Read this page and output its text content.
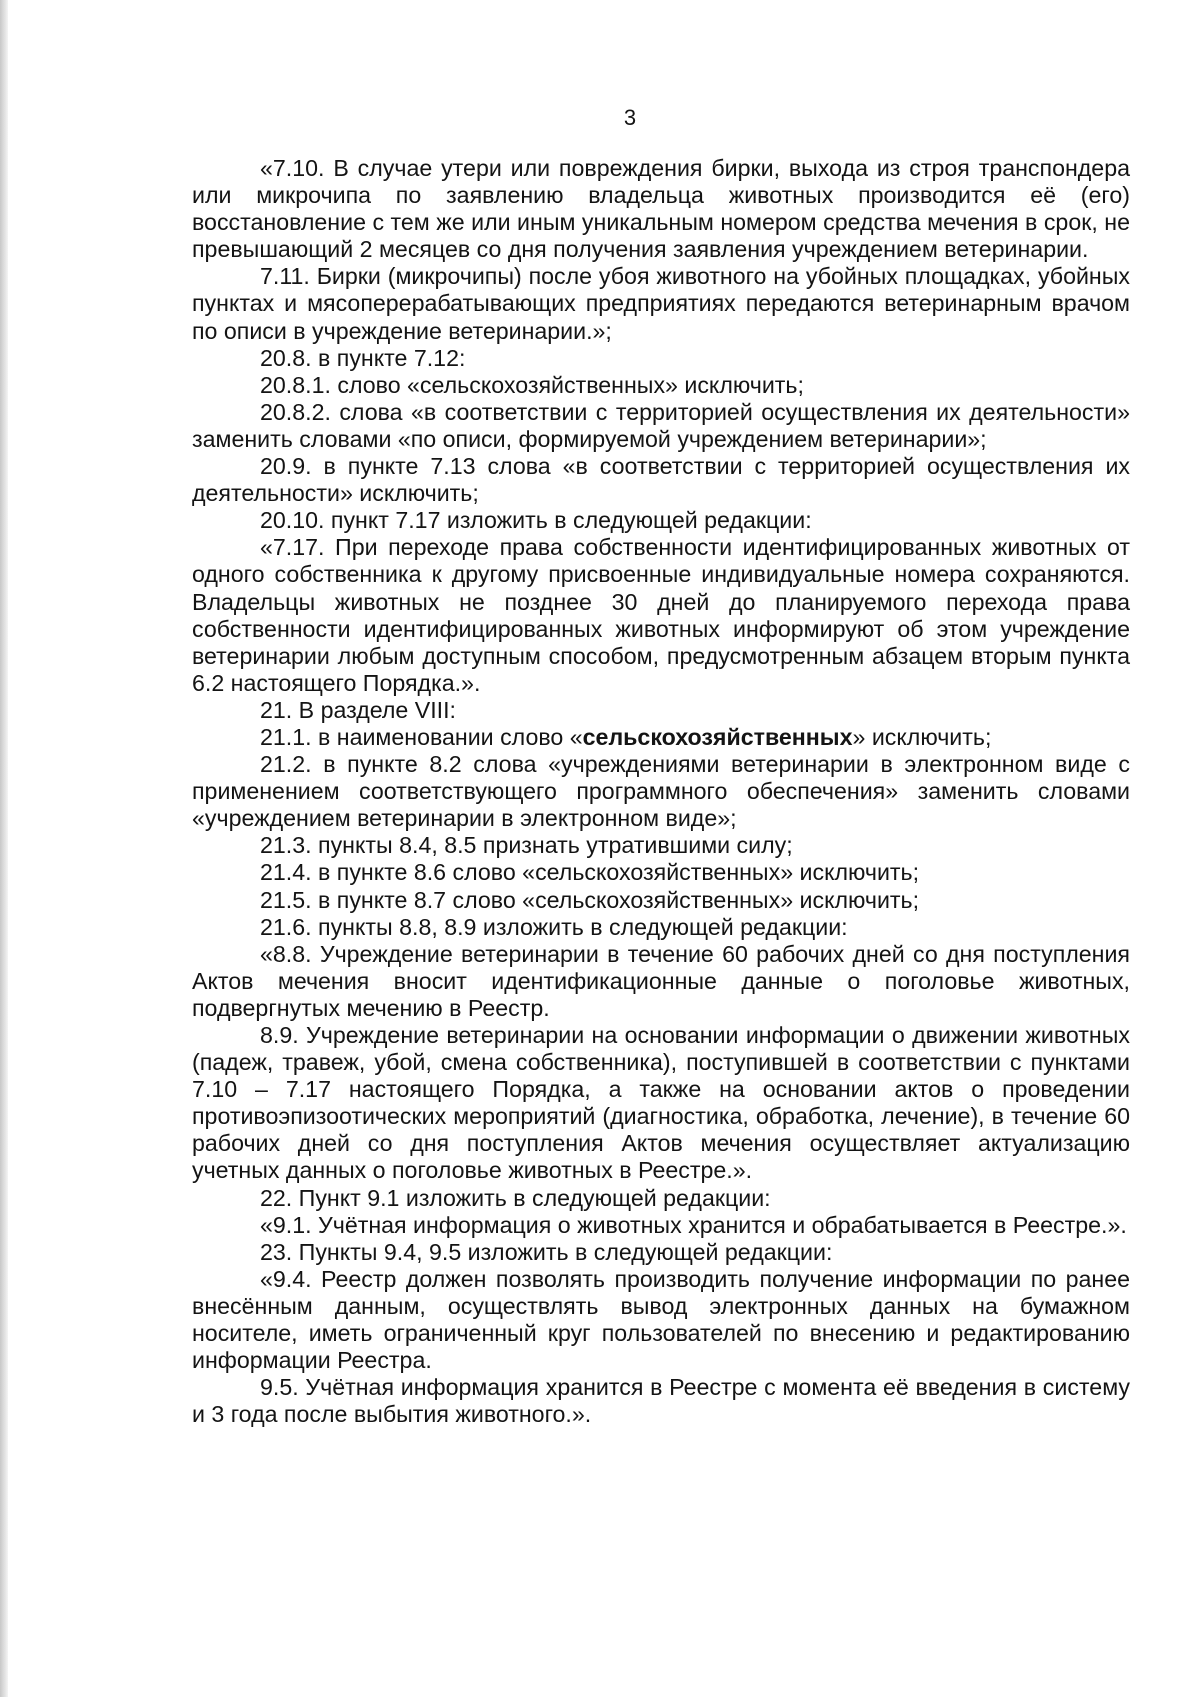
3

«7.10. В случае утери или повреждения бирки, выхода из строя транспондера или микрочипа по заявлению владельца животных производится её (его) восстановление с тем же или иным уникальным номером средства мечения в срок, не превышающий 2 месяцев со дня получения заявления учреждением ветеринарии.

7.11. Бирки (микрочипы) после убоя животного на убойных площадках, убойных пунктах и мясоперерабатывающих предприятиях передаются ветеринарным врачом по описи в учреждение ветеринарии.»;

20.8. в пункте 7.12:

20.8.1. слово «сельскохозяйственных» исключить;

20.8.2. слова «в соответствии с территорией осуществления их деятельности» заменить словами «по описи, формируемой учреждением ветеринарии»;

20.9. в пункте 7.13 слова «в соответствии с территорией осуществления их деятельности» исключить;

20.10. пункт 7.17 изложить в следующей редакции:

«7.17. При переходе права собственности идентифицированных животных от одного собственника к другому присвоенные индивидуальные номера сохраняются. Владельцы животных не позднее 30 дней до планируемого перехода права собственности идентифицированных животных информируют об этом учреждение ветеринарии любым доступным способом, предусмотренным абзацем вторым пункта 6.2 настоящего Порядка.».

21. В разделе VIII:

21.1. в наименовании слово «сельскохозяйственных» исключить;

21.2. в пункте 8.2 слова «учреждениями ветеринарии в электронном виде с применением соответствующего программного обеспечения» заменить словами «учреждением ветеринарии в электронном виде»;

21.3. пункты 8.4, 8.5 признать утратившими силу;

21.4. в пункте 8.6 слово «сельскохозяйственных» исключить;

21.5. в пункте 8.7 слово «сельскохозяйственных» исключить;

21.6. пункты 8.8, 8.9 изложить в следующей редакции:

«8.8. Учреждение ветеринарии в течение 60 рабочих дней со дня поступления Актов мечения вносит идентификационные данные о поголовье животных, подвергнутых мечению в Реестр.

8.9. Учреждение ветеринарии на основании информации о движении животных (падеж, травеж, убой, смена собственника), поступившей в соответствии с пунктами 7.10 – 7.17 настоящего Порядка, а также на основании актов о проведении противоэпизоотических мероприятий (диагностика, обработка, лечение), в течение 60 рабочих дней со дня поступления Актов мечения осуществляет актуализацию учетных данных о поголовье животных в Реестре.».

22. Пункт 9.1 изложить в следующей редакции:

«9.1. Учётная информация о животных хранится и обрабатывается в Реестре.».

23. Пункты 9.4, 9.5 изложить в следующей редакции:

«9.4. Реестр должен позволять производить получение информации по ранее внесённым данным, осуществлять вывод электронных данных на бумажном носителе, иметь ограниченный круг пользователей по внесению и редактированию информации Реестра.

9.5. Учётная информация хранится в Реестре с момента её введения в систему и 3 года после выбытия животного.».
